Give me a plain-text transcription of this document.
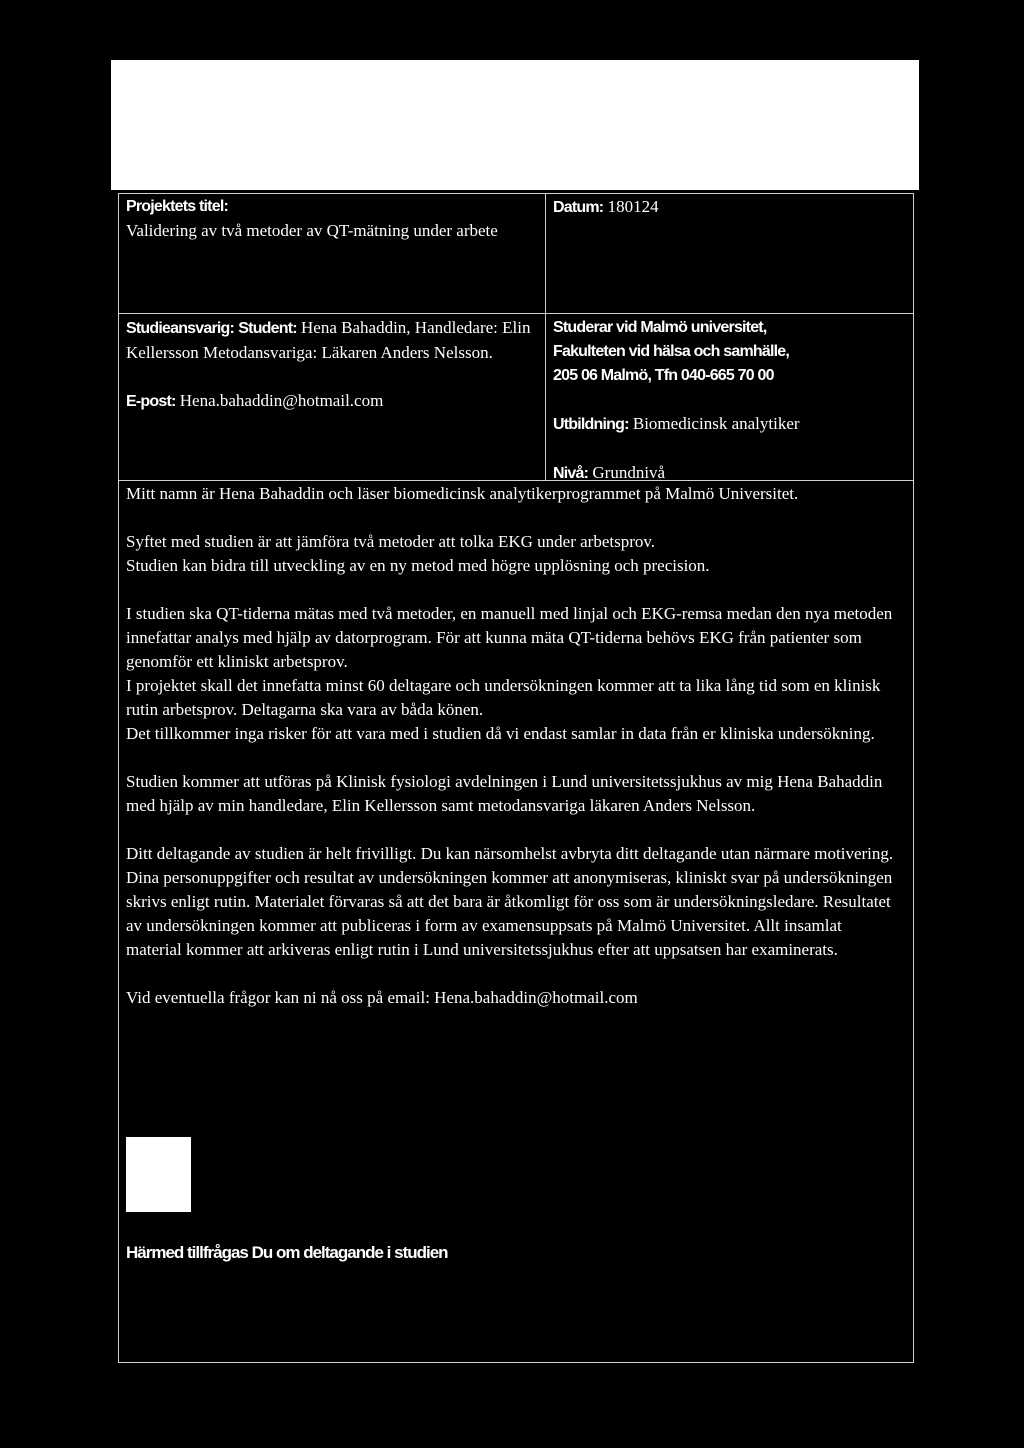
Projektets titel:
Validering av två metoder av QT-mätning under arbete
Datum: 180124
Studieansvarig: Student: Hena Bahaddin, Handledare: Elin Kellersson Metodansvariga: Läkaren Anders Nelsson.
E-post: Hena.bahaddin@hotmail.com
Studerar vid Malmö universitet,
Fakulteten vid hälsa och samhälle,
205 06 Malmö, Tfn 040-665 70 00
Utbildning: Biomedicinsk analytiker
Nivå: Grundnivå

Mitt namn är Hena Bahaddin och läser biomedicinsk analytikerprogrammet på Malmö Universitet.

Syftet med studien är att jämföra två metoder att tolka EKG under arbetsprov.
Studien kan bidra till utveckling av en ny metod med högre upplösning och precision.

I studien ska QT-tiderna mätas med två metoder, en manuell med linjal och EKG-remsa medan den nya metoden innefattar analys med hjälp av datorprogram. För att kunna mäta QT-tiderna behövs EKG från patienter som genomför ett kliniskt arbetsprov.
I projektet skall det innefatta minst 60 deltagare och undersökningen kommer att ta lika lång tid som en klinisk rutin arbetsprov. Deltagarna ska vara av båda könen.
Det tillkommer inga risker för att vara med i studien då vi endast samlar in data från er kliniska undersökning.

Studien kommer att utföras på Klinisk fysiologi avdelningen i Lund universitetssjukhus av mig Hena Bahaddin med hjälp av min handledare, Elin Kellersson samt metodansvariga läkaren Anders Nelsson.

Ditt deltagande av studien är helt frivilligt. Du kan närsomhelst avbryta ditt deltagande utan närmare motivering. Dina personuppgifter och resultat av undersökningen kommer att anonymiseras, kliniskt svar på undersökningen skrivs enligt rutin. Materialet förvaras så att det bara är åtkomligt för oss som är undersökningsledare. Resultatet av undersökningen kommer att publiceras i form av examensuppsats på Malmö Universitet. Allt insamlat material kommer att arkiveras enligt rutin i Lund universitetssjukhus efter att uppsatsen har examinerats.

Vid eventuella frågor kan ni nå oss på email: Hena.bahaddin@hotmail.com

Härmed tillfrågas Du om deltagande i studien
